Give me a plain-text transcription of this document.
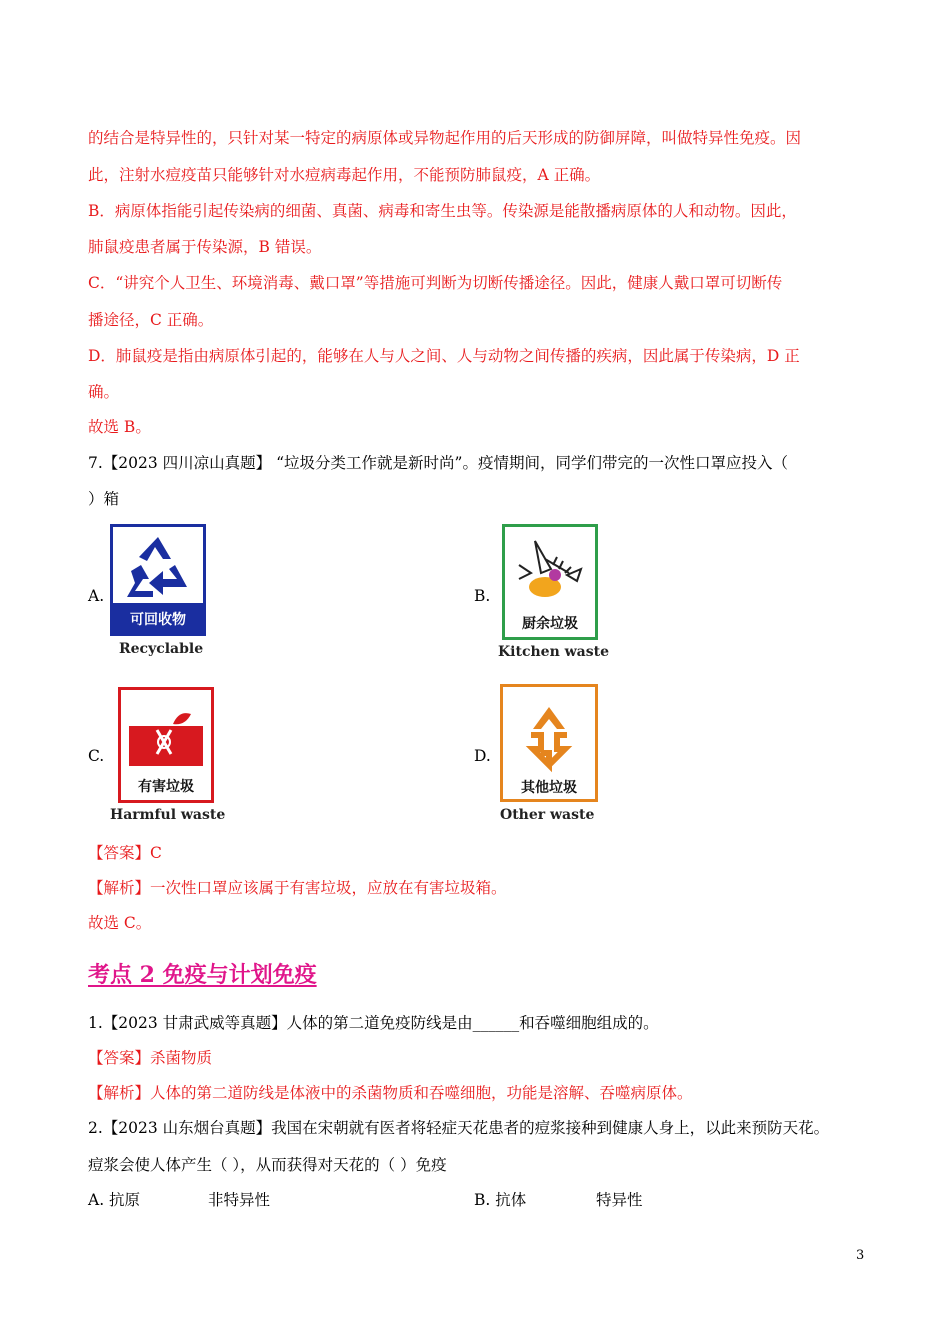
的结合是特异性的，只针对某一特定的病原体或异物起作用的后天形成的防御屏障，叫做特异性免疫。因
此，注射水痘疫苗只能够针对水痘病毒起作用，不能预防肺鼠疫，A 正确。
B．病原体指能引起传染病的细菌、真菌、病毒和寄生虫等。传染源是能散播病原体的人和动物。因此，
肺鼠疫患者属于传染源，B 错误。
C．“讲究个人卫生、环境消毒、戴口罩”等措施可判断为切断传播途径。因此，健康人戴口罩可切断传
播途径，C 正确。
D．肺鼠疫是指由病原体引起的，能够在人与人之间、人与动物之间传播的疾病，因此属于传染病，D 正
确。
故选 B。
7.【2023 四川凉山真题】 “垃圾分类工作就是新时尚”。疫情期间，同学们带完的一次性口罩应投入（
）箱
A.
可回收物
Recyclable
B.
厨余垃圾
Kitchen waste
C.
有害垃圾
Harmful waste
D.
其他垃圾
Other waste
【答案】C
【解析】一次性口罩应该属于有害垃圾，应放在有害垃圾箱。
故选 C。
考点 2 免疫与计划免疫
1.【2023 甘肃武威等真题】人体的第二道免疫防线是由______和吞噬细胞组成的。
【答案】杀菌物质
【解析】人体的第二道防线是体液中的杀菌物质和吞噬细胞，功能是溶解、吞噬病原体。
2.【2023 山东烟台真题】我国在宋朝就有医者将轻症天花患者的痘浆接种到健康人身上，以此来预防天花。
痘浆会使人体产生（ ），从而获得对天花的（ ）免疫
A. 抗原	非特异性	B. 抗体	特异性
3
